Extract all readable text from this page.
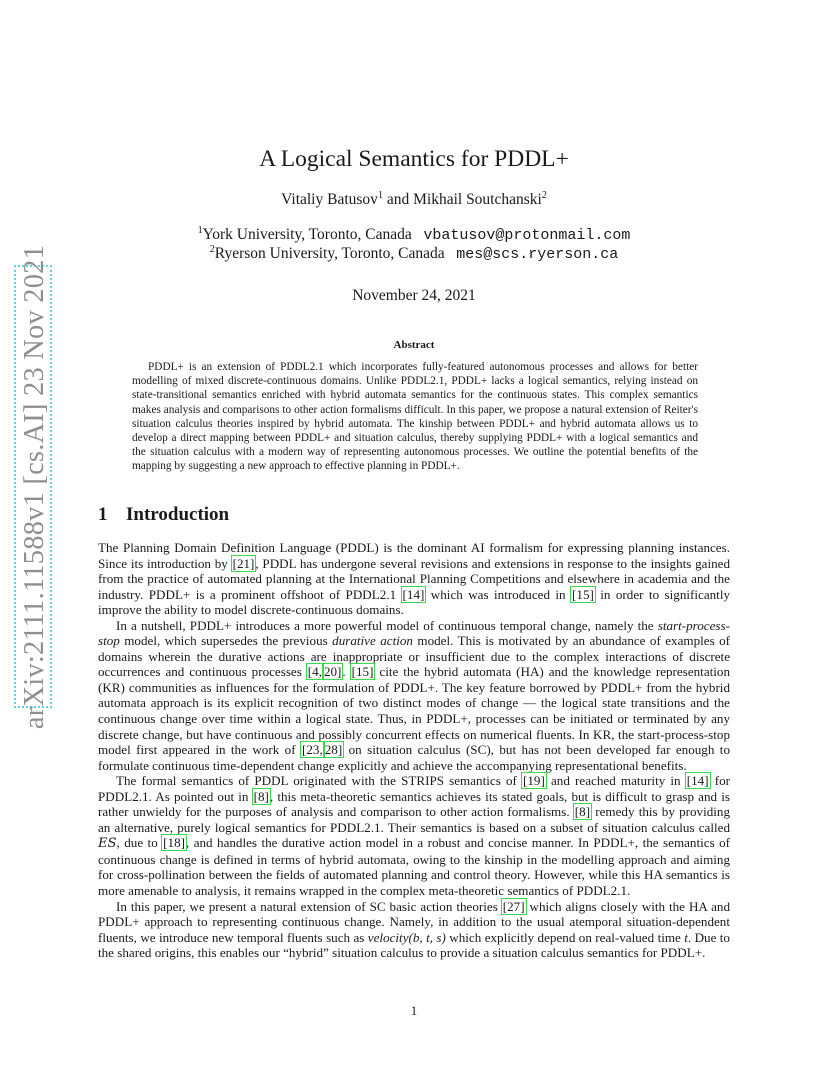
arXiv:2111.11588v1 [cs.AI] 23 Nov 2021
A Logical Semantics for PDDL+
Vitaliy Batusov$^1$ and Mikhail Soutchanski$^2$
$^1$York University, Toronto, Canada vbatusov@protonmail.com
$^2$Ryerson University, Toronto, Canada mes@scs.ryerson.ca
November 24, 2021
Abstract
PDDL+ is an extension of PDDL2.1 which incorporates fully-featured autonomous processes and allows for better modelling of mixed discrete-continuous domains. Unlike PDDL2.1, PDDL+ lacks a logical semantics, relying instead on state-transitional semantics enriched with hybrid automata semantics for the continuous states. This complex semantics makes analysis and comparisons to other action formalisms difficult. In this paper, we propose a natural extension of Reiter's situation calculus theories inspired by hybrid automata. The kinship between PDDL+ and hybrid automata allows us to develop a direct mapping between PDDL+ and situation calculus, thereby supplying PDDL+ with a logical semantics and the situation calculus with a modern way of representing autonomous processes. We outline the potential benefits of the mapping by suggesting a new approach to effective planning in PDDL+.
1 Introduction

The Planning Domain Definition Language (PDDL) is the dominant AI formalism for expressing planning instances. Since its introduction by [21], PDDL has undergone several revisions and extensions in response to the insights gained from the practice of automated planning at the International Planning Competitions and elsewhere in academia and the industry. PDDL+ is a prominent offshoot of PDDL2.1 [14] which was introduced in [15] in order to significantly improve the ability to model discrete-continuous domains.

In a nutshell, PDDL+ introduces a more powerful model of continuous temporal change, namely the start-process-stop model, which supersedes the previous durative action model. This is motivated by an abundance of examples of domains wherein the durative actions are inappropriate or insufficient due to the complex interactions of discrete occurrences and continuous processes [4, 20]. [15] cite the hybrid automata (HA) and the knowledge representation (KR) communities as influences for the formulation of PDDL+. The key feature borrowed by PDDL+ from the hybrid automata approach is its explicit recognition of two distinct modes of change — the logical state transitions and the continuous change over time within a logical state. Thus, in PDDL+, processes can be initiated or terminated by any discrete change, but have continuous and possibly concurrent effects on numerical fluents. In KR, the start-process-stop model first appeared in the work of [23, 28] on situation calculus (SC), but has not been developed far enough to formulate continuous time-dependent change explicitly and achieve the accompanying representational benefits.

The formal semantics of PDDL originated with the STRIPS semantics of [19] and reached maturity in [14] for PDDL2.1. As pointed out in [8], this meta-theoretic semantics achieves its stated goals, but is difficult to grasp and is rather unwieldy for the purposes of analysis and comparison to other action formalisms. [8] remedy this by providing an alternative, purely logical semantics for PDDL2.1. Their semantics is based on a subset of situation calculus called ES, due to [18], and handles the durative action model in a robust and concise manner. In PDDL+, the semantics of continuous change is defined in terms of hybrid automata, owing to the kinship in the modelling approach and aiming for cross-pollination between the fields of automated planning and control theory. However, while this HA semantics is more amenable to analysis, it remains wrapped in the complex meta-theoretic semantics of PDDL2.1.

In this paper, we present a natural extension of SC basic action theories [27] which aligns closely with the HA and PDDL+ approach to representing continuous change. Namely, in addition to the usual atemporal situation-dependent fluents, we introduce new temporal fluents such as velocity(b, t, s) which explicitly depend on real-valued time t. Due to the shared origins, this enables our “hybrid” situation calculus to provide a situation calculus semantics for PDDL+.

1
